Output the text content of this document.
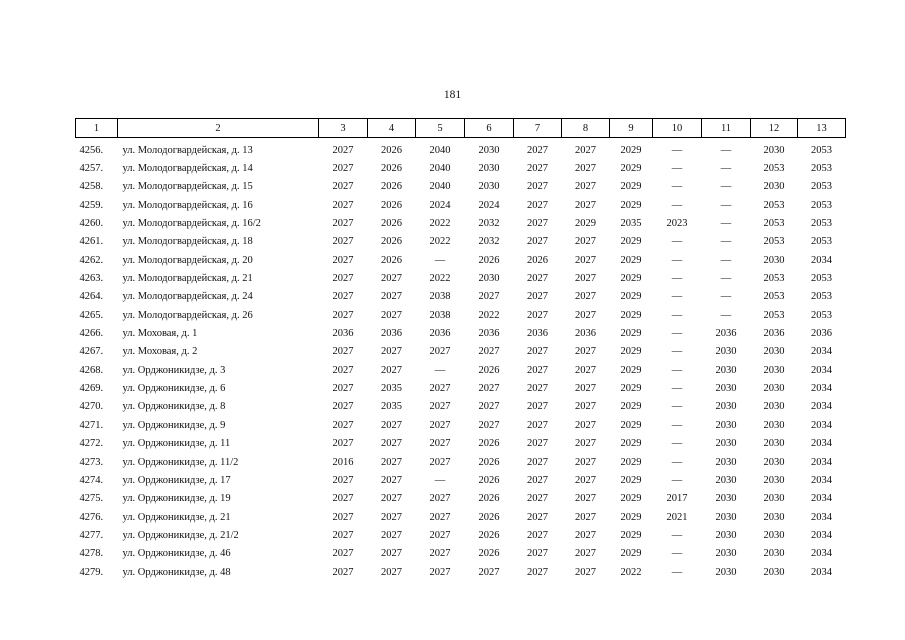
181
1	2	3	4	5	6	7	8	9	10	11	12	13
4256.	ул. Молодогвардейская, д. 13	2027	2026	2040	2030	2027	2027	2029	—	—	2030	2053
4257.	ул. Молодогвардейская, д. 14	2027	2026	2040	2030	2027	2027	2029	—	—	2053	2053
4258.	ул. Молодогвардейская, д. 15	2027	2026	2040	2030	2027	2027	2029	—	—	2030	2053
4259.	ул. Молодогвардейская, д. 16	2027	2026	2024	2024	2027	2027	2029	—	—	2053	2053
4260.	ул. Молодогвардейская, д. 16/2	2027	2026	2022	2032	2027	2029	2035	2023	—	2053	2053
4261.	ул. Молодогвардейская, д. 18	2027	2026	2022	2032	2027	2027	2029	—	—	2053	2053
4262.	ул. Молодогвардейская, д. 20	2027	2026	—	2026	2026	2027	2029	—	—	2030	2034
4263.	ул. Молодогвардейская, д. 21	2027	2027	2022	2030	2027	2027	2029	—	—	2053	2053
4264.	ул. Молодогвардейская, д. 24	2027	2027	2038	2027	2027	2027	2029	—	—	2053	2053
4265.	ул. Молодогвардейская, д. 26	2027	2027	2038	2022	2027	2027	2029	—	—	2053	2053
4266.	ул. Моховая, д. 1	2036	2036	2036	2036	2036	2036	2029	—	2036	2036	2036
4267.	ул. Моховая, д. 2	2027	2027	2027	2027	2027	2027	2029	—	2030	2030	2034
4268.	ул. Орджоникидзе, д. 3	2027	2027	—	2026	2027	2027	2029	—	2030	2030	2034
4269.	ул. Орджоникидзе, д. 6	2027	2035	2027	2027	2027	2027	2029	—	2030	2030	2034
4270.	ул. Орджоникидзе, д. 8	2027	2035	2027	2027	2027	2027	2029	—	2030	2030	2034
4271.	ул. Орджоникидзе, д. 9	2027	2027	2027	2027	2027	2027	2029	—	2030	2030	2034
4272.	ул. Орджоникидзе, д. 11	2027	2027	2027	2026	2027	2027	2029	—	2030	2030	2034
4273.	ул. Орджоникидзе, д. 11/2	2016	2027	2027	2026	2027	2027	2029	—	2030	2030	2034
4274.	ул. Орджоникидзе, д. 17	2027	2027	—	2026	2027	2027	2029	—	2030	2030	2034
4275.	ул. Орджоникидзе, д. 19	2027	2027	2027	2026	2027	2027	2029	2017	2030	2030	2034
4276.	ул. Орджоникидзе, д. 21	2027	2027	2027	2026	2027	2027	2029	2021	2030	2030	2034
4277.	ул. Орджоникидзе, д. 21/2	2027	2027	2027	2026	2027	2027	2029	—	2030	2030	2034
4278.	ул. Орджоникидзе, д. 46	2027	2027	2027	2026	2027	2027	2029	—	2030	2030	2034
4279.	ул. Орджоникидзе, д. 48	2027	2027	2027	2027	2027	2027	2022	—	2030	2030	2034
